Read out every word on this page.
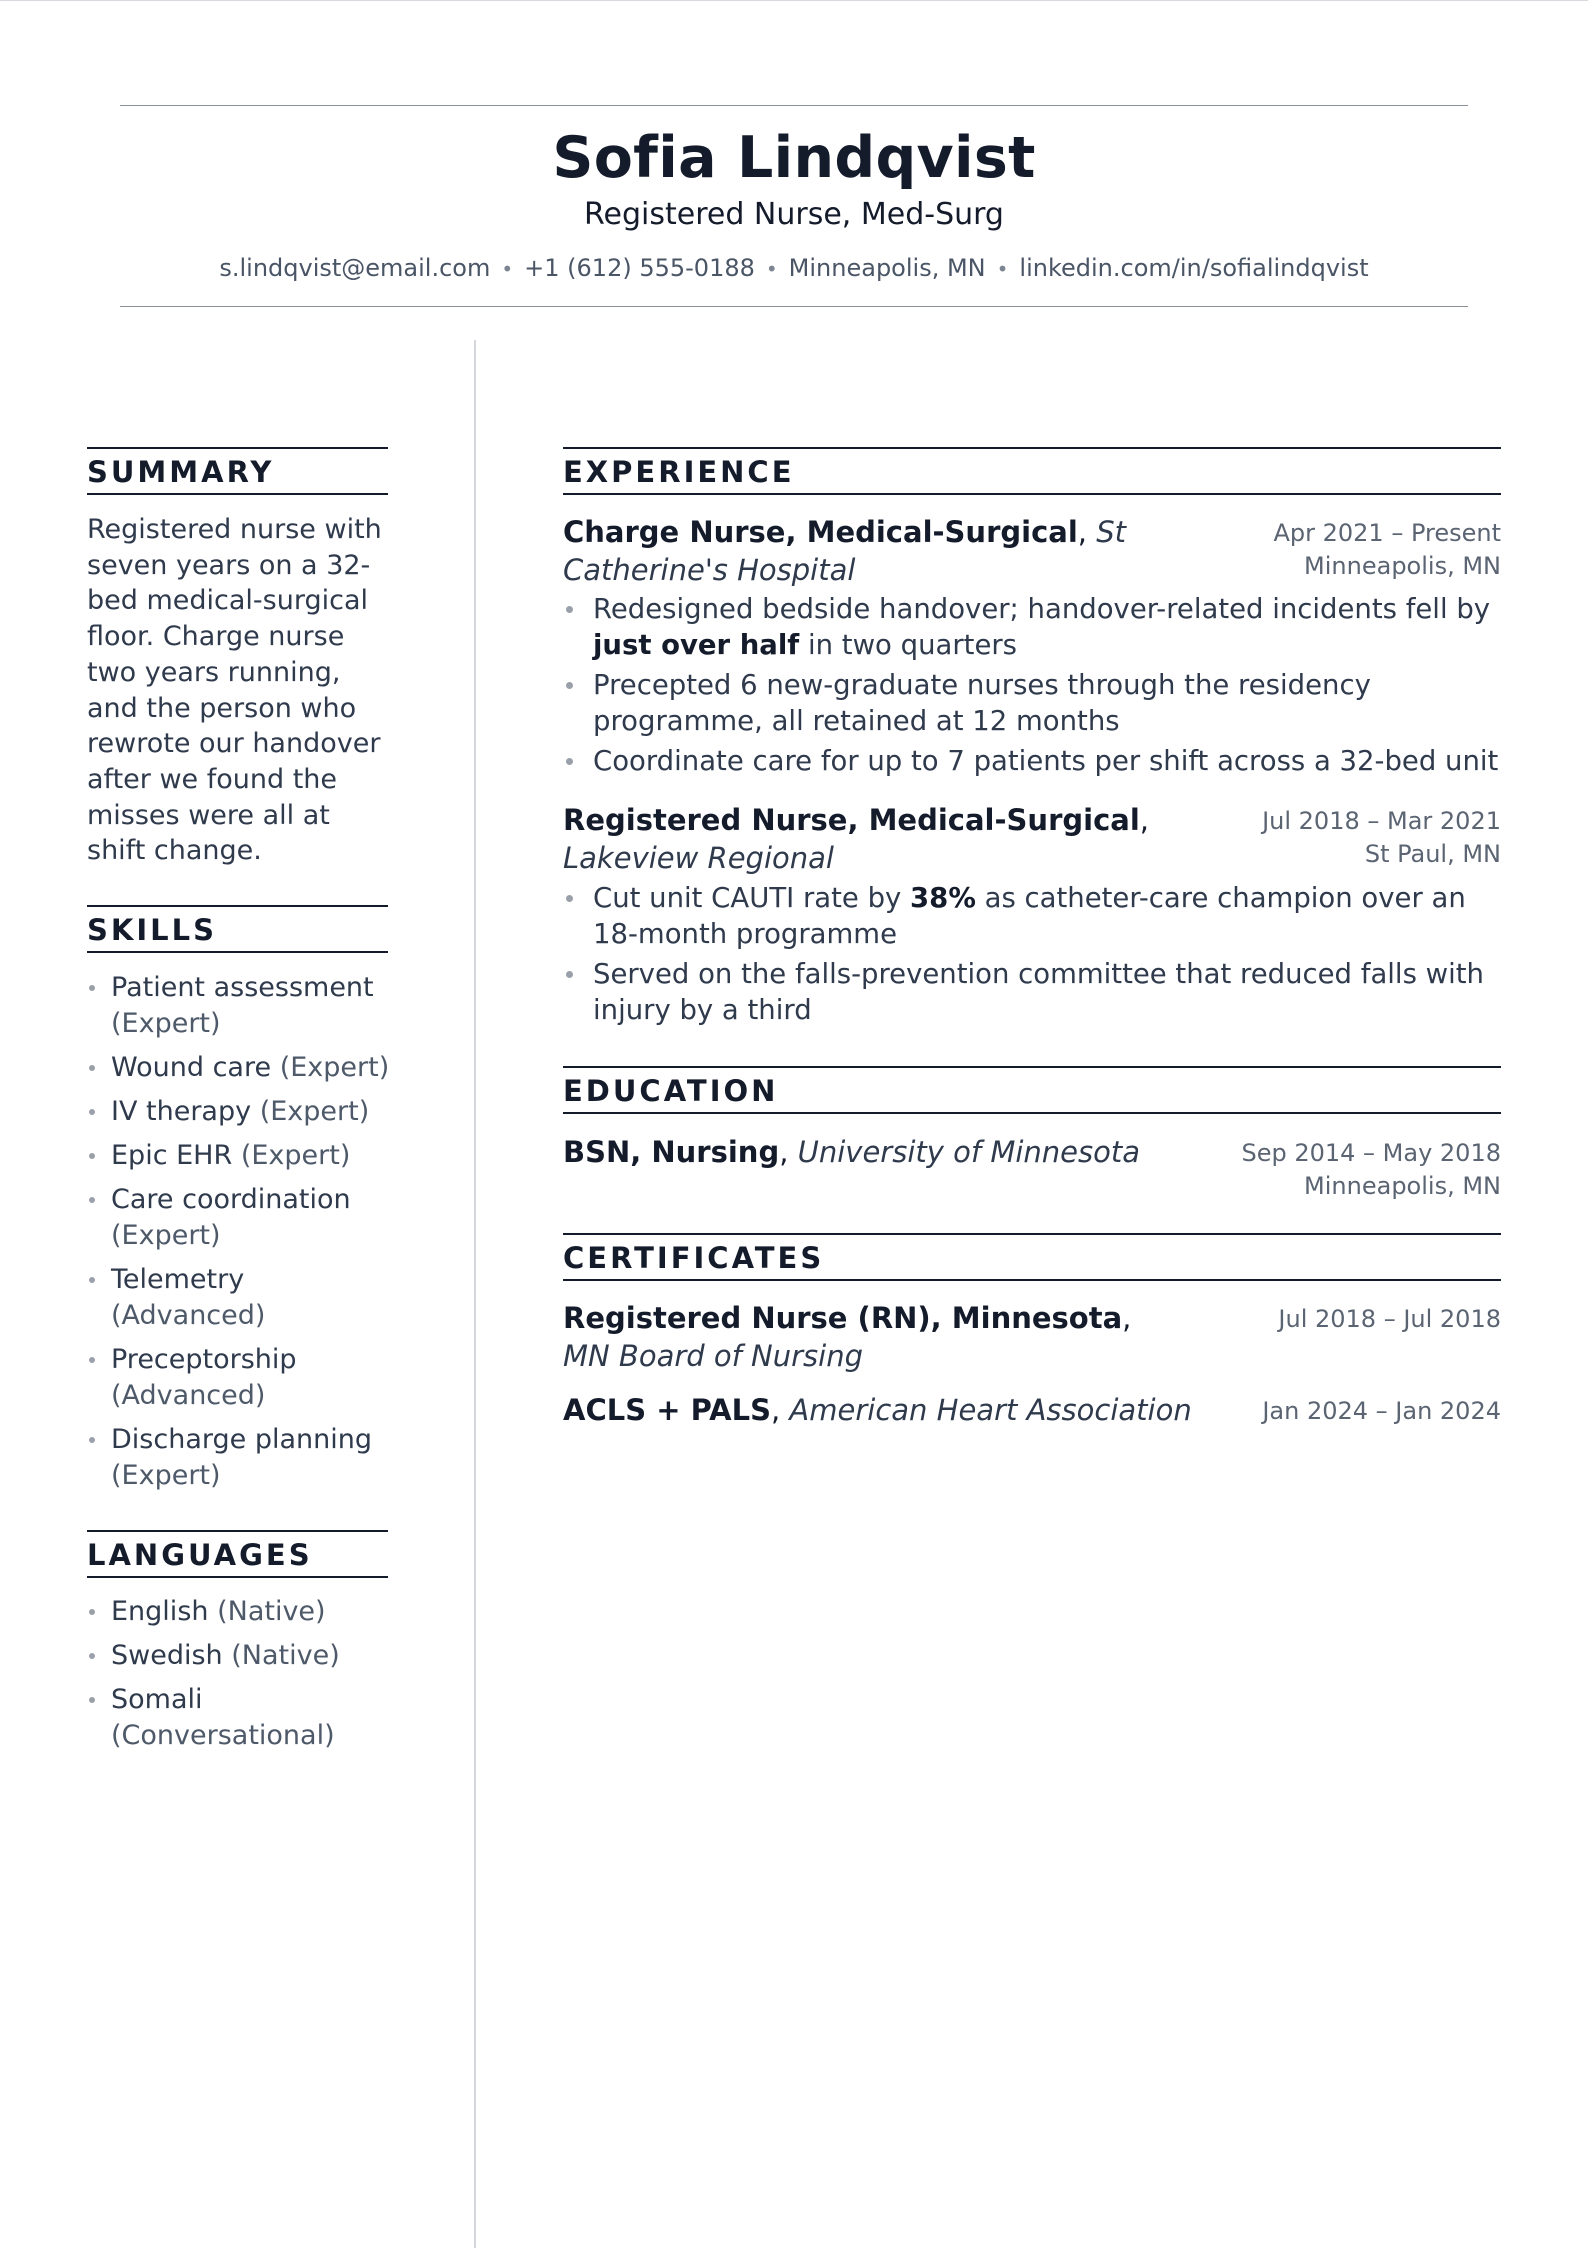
Sofia Lindqvist
Registered Nurse, Med-Surg
s.lindqvist@email.com • +1 (612) 555-0188 • Minneapolis, MN • linkedin.com/in/sofialindqvist
SUMMARY
Registered nurse with seven years on a 32-bed medical-surgical floor. Charge nurse two years running, and the person who rewrote our handover after we found the misses were all at shift change.
SKILLS
Patient assessment (Expert)
Wound care (Expert)
IV therapy (Expert)
Epic EHR (Expert)
Care coordination (Expert)
Telemetry (Advanced)
Preceptorship (Advanced)
Discharge planning (Expert)
LANGUAGES
English (Native)
Swedish (Native)
Somali (Conversational)
EXPERIENCE
Charge Nurse, Medical-Surgical, St Catherine's Hospital
Apr 2021 – Present
Minneapolis, MN
Redesigned bedside handover; handover-related incidents fell by just over half in two quarters
Precepted 6 new-graduate nurses through the residency programme, all retained at 12 months
Coordinate care for up to 7 patients per shift across a 32-bed unit
Registered Nurse, Medical-Surgical, Lakeview Regional
Jul 2018 – Mar 2021
St Paul, MN
Cut unit CAUTI rate by 38% as catheter-care champion over an 18-month programme
Served on the falls-prevention committee that reduced falls with injury by a third
EDUCATION
BSN, Nursing, University of Minnesota	Sep 2014 – May 2018
Minneapolis, MN
CERTIFICATES
Registered Nurse (RN), Minnesota, MN Board of Nursing
Jul 2018 – Jul 2018
ACLS + PALS, American Heart Association	Jan 2024 – Jan 2024
